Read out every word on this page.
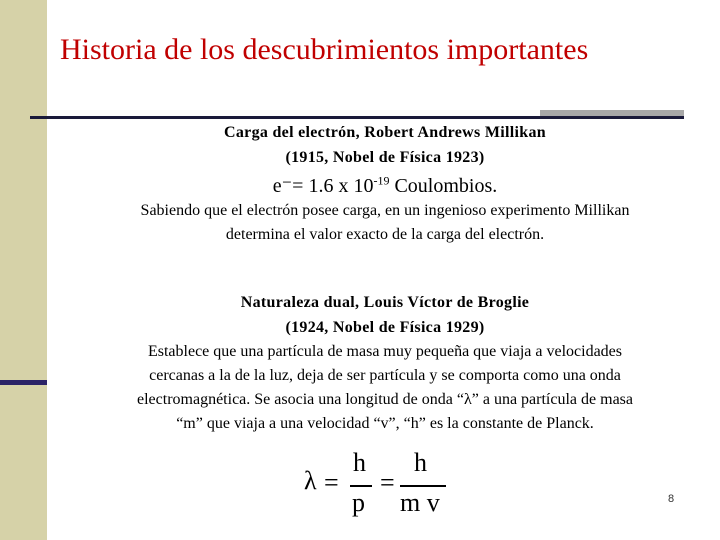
Historia de los descubrimientos importantes
Carga del electrón, Robert Andrews Millikan
(1915, Nobel de Física 1923)
e⁻= 1.6 x $10^{-19}$ Coulombios.
Sabiendo que el electrón posee carga, en un ingenioso experimento Millikan
determina el valor exacto de la carga del electrón.
Naturaleza dual, Louis Víctor de Broglie
(1924, Nobel de Física 1929)
Establece que una partícula de masa muy pequeña que viaja a velocidades
cercanas a la de la luz, deja de ser partícula y se comporta como una onda
electromagnética. Se asocia una longitud de onda “λ” a una partícula de masa
“m” que viaja a una velocidad “v”, “h” es la constante de Planck.
λ =
h
p
=
h
m v	8
